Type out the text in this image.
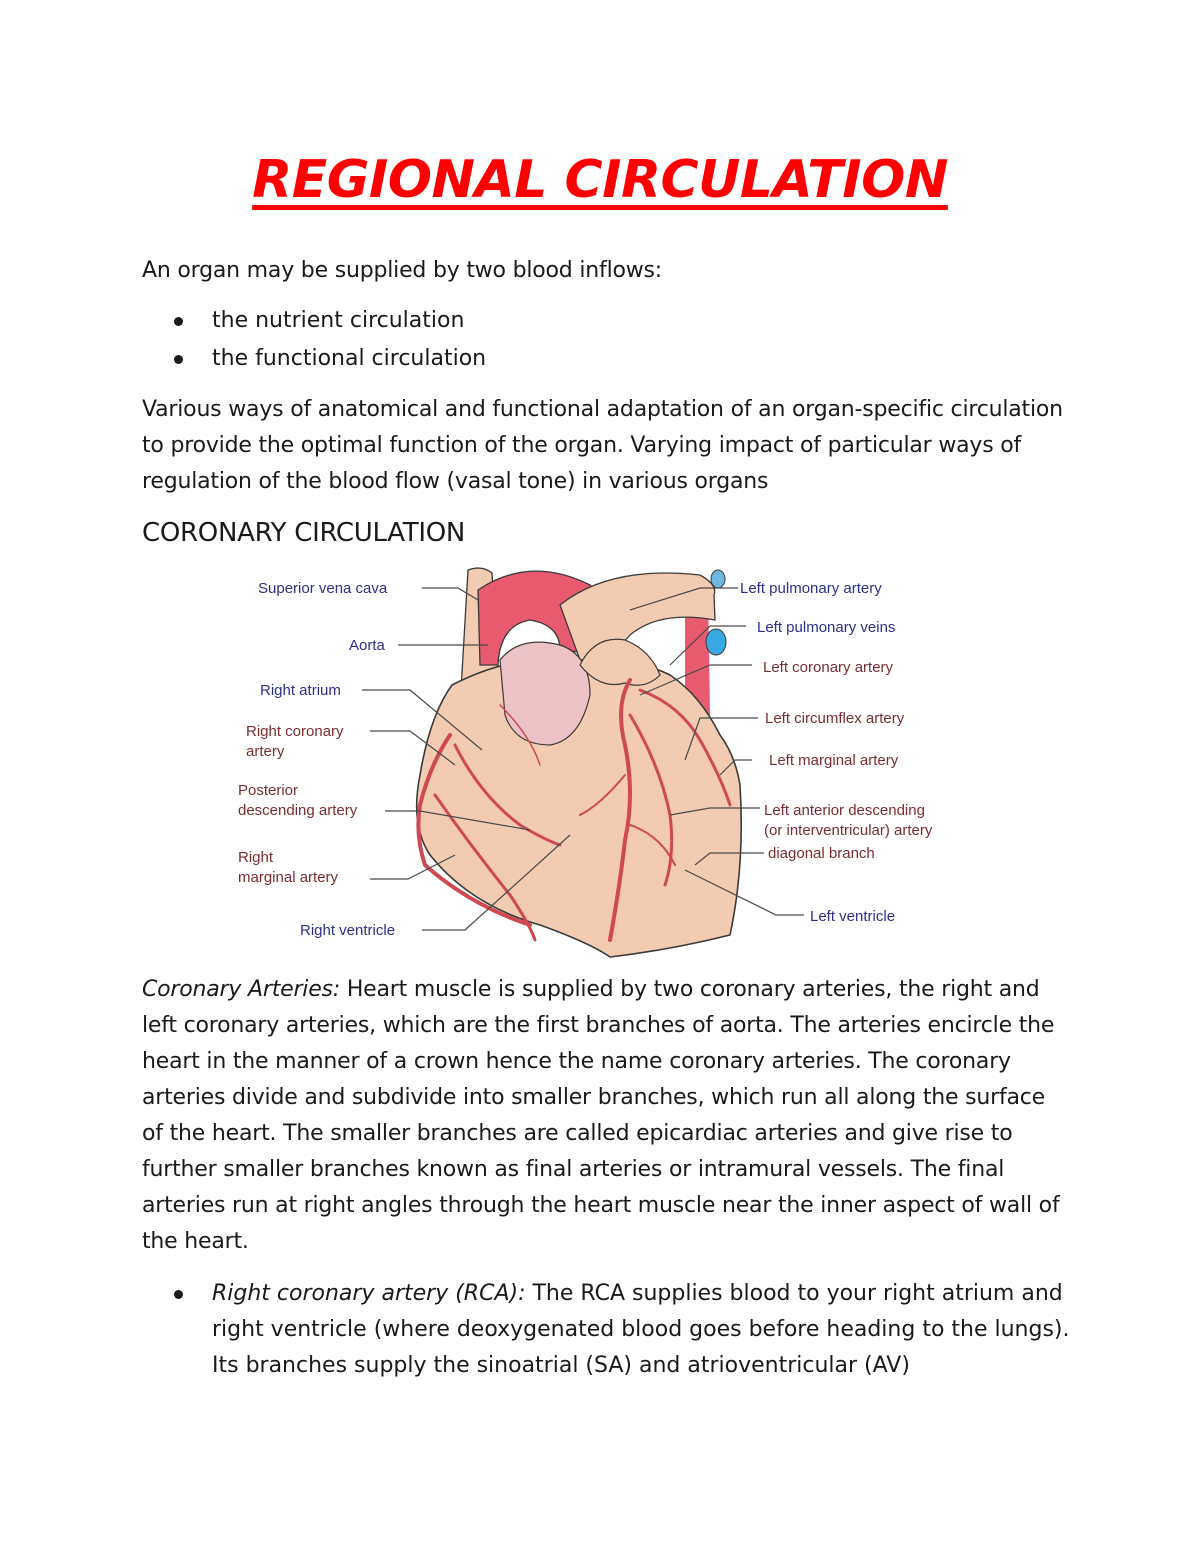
REGIONAL CIRCULATION

An organ may be supplied by two blood inflows:

the nutrient circulation
the functional circulation

Various ways of anatomical and functional adaptation of an organ-specific circulation to provide the optimal function of the organ. Varying impact of particular ways of regulation of the blood flow (vasal tone) in various organs

CORONARY CIRCULATION
Superior vena cava
Aorta
Right atrium
Right coronary
artery
Posterior
descending artery
Right
marginal artery
Right ventricle
Left pulmonary artery
Left pulmonary veins
Left coronary artery
Left circumflex artery
Left marginal artery
Left anterior descending
(or interventricular) artery
diagonal branch
Left ventricle

Coronary Arteries: Heart muscle is supplied by two coronary arteries, the right and left coronary arteries, which are the first branches of aorta. The arteries encircle the heart in the manner of a crown hence the name coronary arteries. The coronary arteries divide and subdivide into smaller branches, which run all along the surface of the heart. The smaller branches are called epicardiac arteries and give rise to further smaller branches known as final arteries or intramural vessels. The final arteries run at right angles through the heart muscle near the inner aspect of wall of the heart.

Right coronary artery (RCA): The RCA supplies blood to your right atrium and right ventricle (where deoxygenated blood goes before heading to the lungs). Its branches supply the sinoatrial (SA) and atrioventricular (AV)
